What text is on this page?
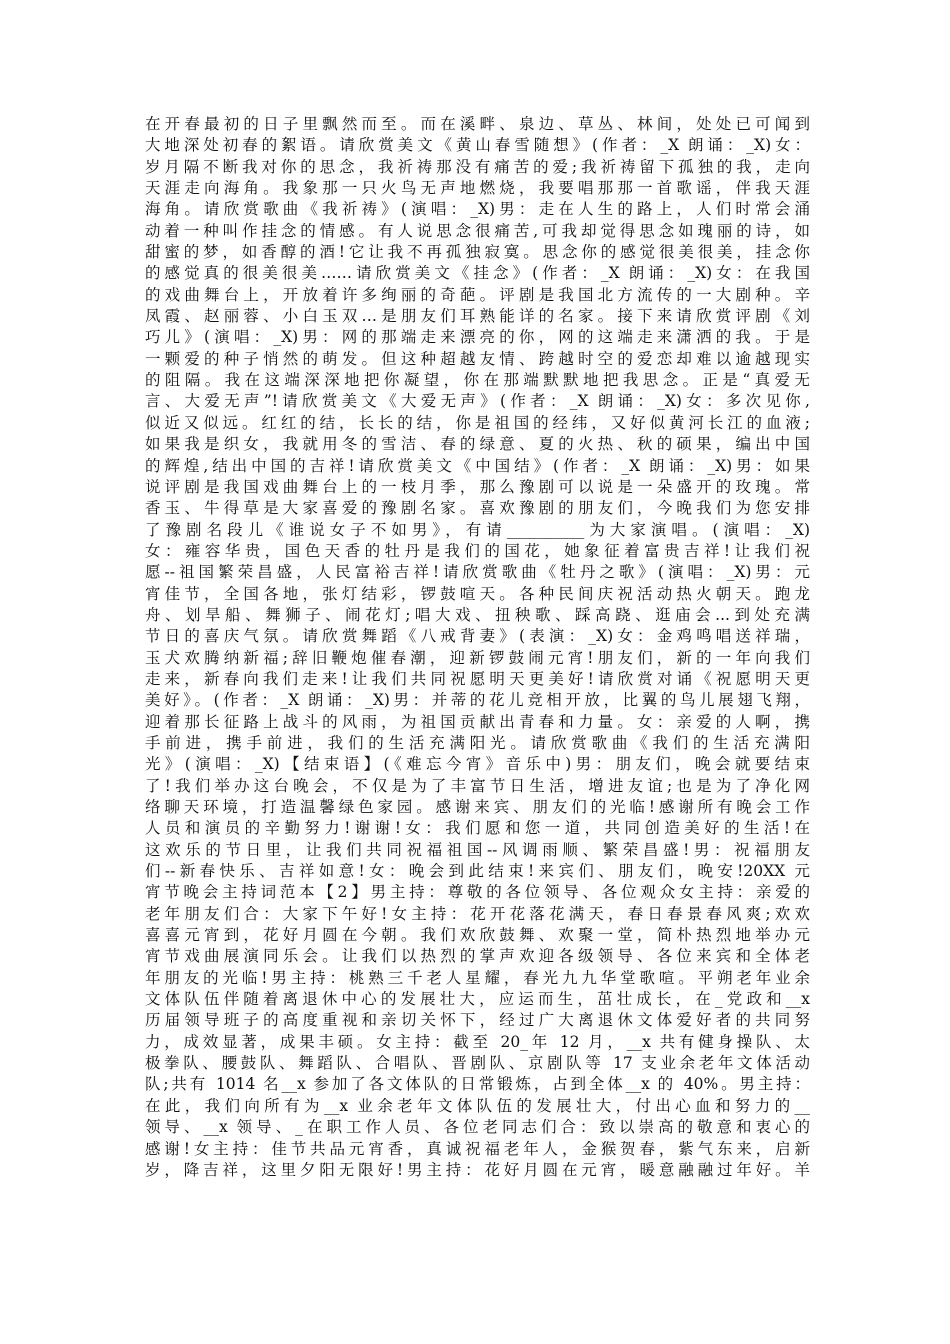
在开春最初的日子里飘然而至。而在溪畔、泉边、草丛、林间，处处已可闻到
大地深处初春的絮语。请欣赏美文《黄山春雪随想》(作者：_X 朗诵：_X)女：
岁月隔不断我对你的思念，我祈祷那没有痛苦的爱;我祈祷留下孤独的我，走向
天涯走向海角。我象那一只火鸟无声地燃烧，我要唱那那一首歌谣，伴我天涯
海角。请欣赏歌曲《我祈祷》(演唱：_X)男：走在人生的路上，人们时常会涌
动着一种叫作挂念的情感。有人说思念很痛苦,可我却觉得思念如瑰丽的诗，如
甜蜜的梦，如香醇的酒!它让我不再孤独寂寞。思念你的感觉很美很美，挂念你
的感觉真的很美很美……请欣赏美文《挂念》(作者：_X 朗诵：_X)女：在我国
的戏曲舞台上，开放着许多绚丽的奇葩。评剧是我国北方流传的一大剧种。辛
凤霞、赵丽蓉、小白玉双…是朋友们耳熟能详的名家。接下来请欣赏评剧《刘
巧儿》(演唱：_X)男：网的那端走来漂亮的你，网的这端走来潇洒的我。于是
一颗爱的种子悄然的萌发。但这种超越友情、跨越时空的爱恋却难以逾越现实
的阻隔。我在这端深深地把你凝望，你在那端默默地把我思念。正是“真爱无
言、大爱无声”!请欣赏美文《大爱无声》(作者：_X 朗诵：_X)女：多次见你,
似近又似远。红红的结，长长的结，你是祖国的经纬，又好似黄河长江的血液;
如果我是织女，我就用冬的雪洁、春的绿意、夏的火热、秋的硕果，编出中国
的辉煌,结出中国的吉祥!请欣赏美文《中国结》(作者：_X 朗诵：_X)男：如果
说评剧是我国戏曲舞台上的一枝月季，那么豫剧可以说是一朵盛开的玫瑰。常
香玉、牛得草是大家喜爱的豫剧名家。喜欢豫剧的朋友们，今晚我们为您安排
了豫剧名段儿《谁说女子不如男》，有请__________为大家演唱。(演唱：_X)
女：雍容华贵，国色天香的牡丹是我们的国花，她象征着富贵吉祥!让我们祝
愿--祖国繁荣昌盛，人民富裕吉祥!请欣赏歌曲《牡丹之歌》(演唱：_X)男：元
宵佳节，全国各地，张灯结彩，锣鼓喧天。各种民间庆祝活动热火朝天。跑龙
舟、划旱船、舞狮子、闹花灯;唱大戏、扭秧歌、踩高跷、逛庙会...到处充满
节日的喜庆气氛。请欣赏舞蹈《八戒背妻》(表演：_X)女：金鸡鸣唱送祥瑞，
玉犬欢腾纳新福;辞旧鞭炮催春潮，迎新锣鼓闹元宵!朋友们，新的一年向我们
走来，新春向我们走来!让我们共同祝愿明天更美好!请欣赏对诵《祝愿明天更
美好》。(作者：_X 朗诵：_X)男：并蒂的花儿竞相开放，比翼的鸟儿展翅飞翔，
迎着那长征路上战斗的风雨，为祖国贡献出青春和力量。女：亲爱的人啊，携
手前进，携手前进，我们的生活充满阳光。请欣赏歌曲《我们的生活充满阳
光》(演唱：_X)【结束语】(《难忘今宵》音乐中)男：朋友们，晚会就要结束
了!我们举办这台晚会，不仅是为了丰富节日生活，增进友谊;也是为了净化网
络聊天环境，打造温馨绿色家园。感谢来宾、朋友们的光临!感谢所有晚会工作
人员和演员的辛勤努力!谢谢!女：我们愿和您一道，共同创造美好的生活!在
这欢乐的节日里，让我们共同祝福祖国--风调雨顺、繁荣昌盛!男：祝福朋友
们--新春快乐、吉祥如意!女：晚会到此结束!来宾们、朋友们，晚安!20XX 元
宵节晚会主持词范本【2】男主持：尊敬的各位领导、各位观众女主持：亲爱的
老年朋友们合：大家下午好!女主持：花开花落花满天，春日春景春风爽;欢欢
喜喜元宵到，花好月圆在今朝。我们欢欣鼓舞、欢聚一堂，简朴热烈地举办元
宵节戏曲展演同乐会。让我们以热烈的掌声欢迎各级领导、各位来宾和全体老
年朋友的光临!男主持：桃熟三千老人星耀，春光九九华堂歌喧。平朔老年业余
文体队伍伴随着离退休中心的发展壮大，应运而生，茁壮成长，在_党政和__x
历届领导班子的高度重视和亲切关怀下，经过广大离退休文体爱好者的共同努
力，成效显著，成果丰硕。女主持：截至 20_年 12 月，__x 共有健身操队、太
极拳队、腰鼓队、舞蹈队、合唱队、晋剧队、京剧队等 17 支业余老年文体活动
队;共有 1014 名__x 参加了各文体队的日常锻炼，占到全体__x 的 40%。男主持：
在此，我们向所有为__x 业余老年文体队伍的发展壮大，付出心血和努力的__
领导、__x 领导、_在职工作人员、各位老同志们合：致以崇高的敬意和衷心的
感谢!女主持：佳节共品元宵香，真诚祝福老年人，金猴贺春，紫气东来，启新
岁，降吉祥，这里夕阳无限好!男主持：花好月圆在元宵，暖意融融过年好。羊
